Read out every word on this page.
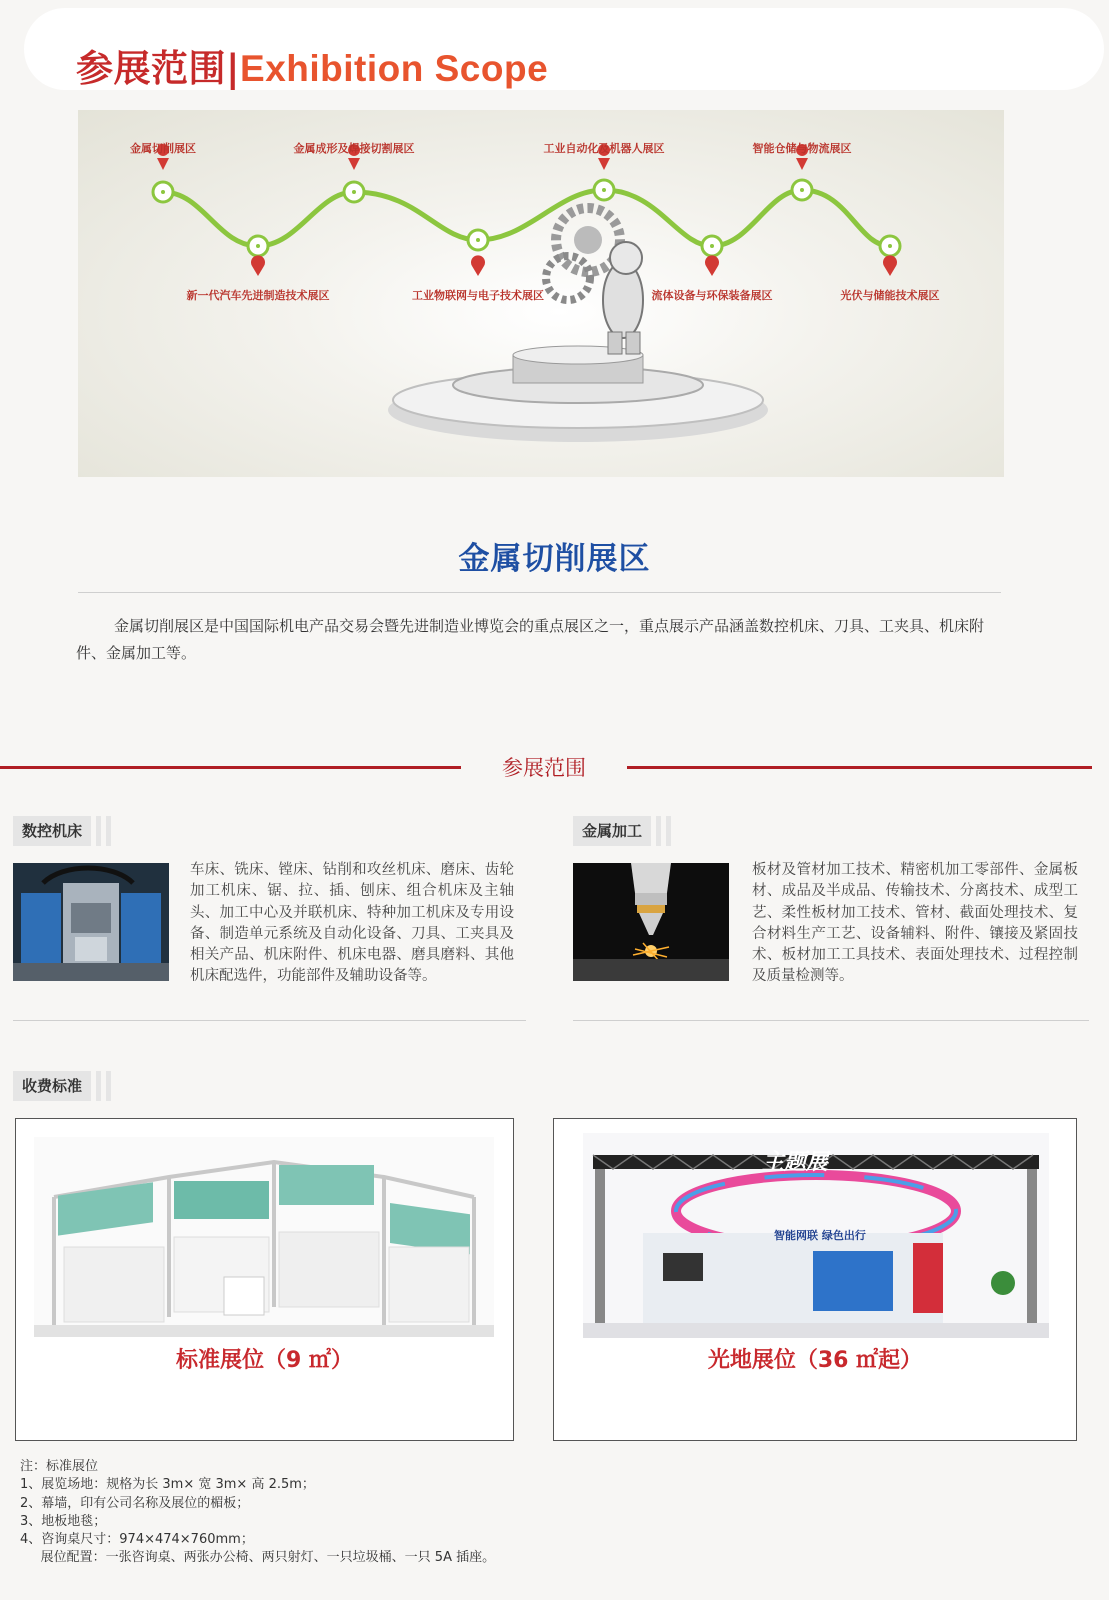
参展范围|Exhibition Scope
金属切削展区	金属成形及焊接切割展区	工业自动化及机器人展区	智能仓储与物流展区
新一代汽车先进制造技术展区	工业物联网与电子技术展区	流体设备与环保装备展区	光伏与储能技术展区
金属切削展区
金属切削展区是中国国际机电产品交易会暨先进制造业博览会的重点展区之一，重点展示产品涵盖数控机床、刀具、工夹具、机床附件、金属加工等。
参展范围
数控机床
车床、铣床、镗床、钻削和攻丝机床、磨床、齿轮加工机床、锯、拉、插、刨床、组合机床及主轴头、加工中心及并联机床、特种加工机床及专用设备、制造单元系统及自动化设备、刀具、工夹具及相关产品、机床附件、机床电器、磨具磨料、其他机床配选件，功能部件及辅助设备等。
金属加工
板材及管材加工技术、精密机加工零部件、金属板材、成品及半成品、传输技术、分离技术、成型工艺、柔性板材加工技术、管材、截面处理技术、复合材料生产工艺、设备辅料、附件、镶接及紧固技术、板材加工工具技术、表面处理技术、过程控制及质量检测等。
收费标准
标准展位（9 ㎡）	光地展位（36 ㎡起）
主题展
智能网联 绿色出行
注：标准展位
1、展览场地：规格为长 3m× 宽 3m× 高 2.5m；
2、幕墙，印有公司名称及展位的楣板；
3、地板地毯；
4、咨询桌尺寸：974×474×760mm；
展位配置：一张咨询桌、两张办公椅、两只射灯、一只垃圾桶、一只 5A 插座。
